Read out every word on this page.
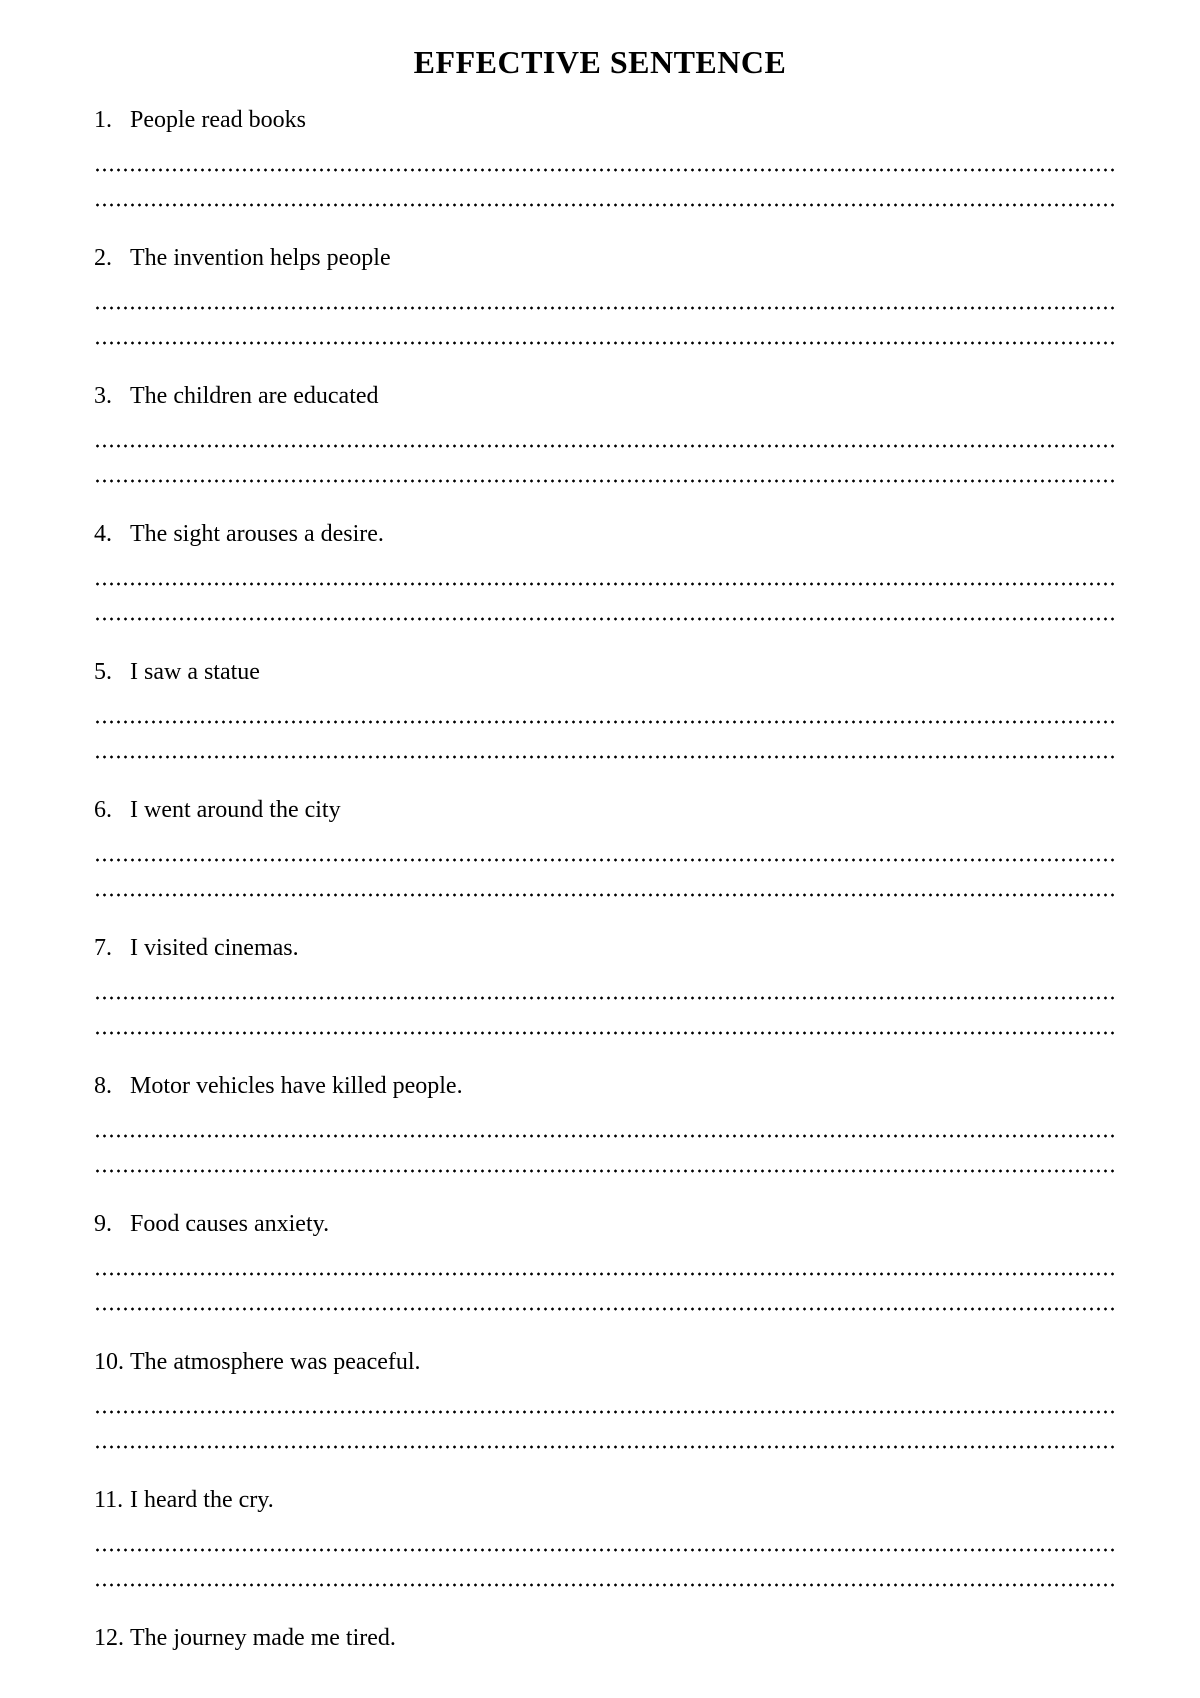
EFFECTIVE SENTENCE
1. People read books
2. The invention helps people
3. The children are educated
4. The sight arouses a desire.
5. I saw a statue
6. I went around the city
7. I visited cinemas.
8. Motor vehicles have killed people.
9. Food causes anxiety.
10. The atmosphere was peaceful.
11. I heard the cry.
12. The journey made me tired.
